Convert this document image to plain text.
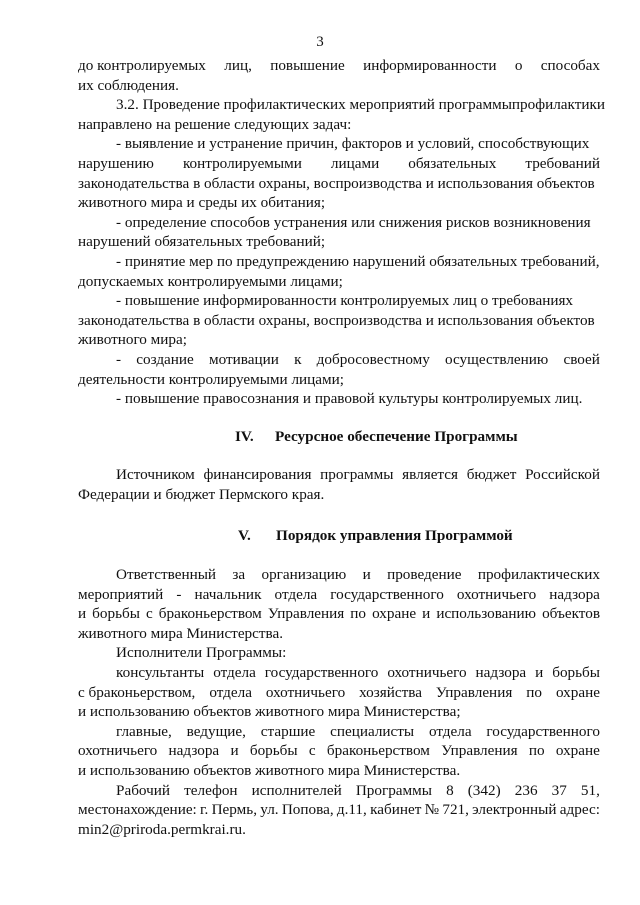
3
до контролируемых лиц, повышение информированности о способах
их соблюдения.
3.2. Проведение профилактических мероприятий программыпрофилактики
направлено на решение следующих задач:
- выявление и устранение причин, факторов и условий, способствующих
нарушению контролируемыми лицами обязательных требований
законодательства в области охраны, воспроизводства и использования объектов
животного мира и среды их обитания;
- определение способов устранения или снижения рисков возникновения
нарушений обязательных требований;
- принятие мер по предупреждению нарушений обязательных требований,
допускаемых контролируемыми лицами;
- повышение информированности контролируемых лиц о требованиях
законодательства в области охраны, воспроизводства и использования объектов
животного мира;
- создание мотивации к добросовестному осуществлению своей
деятельности контролируемыми лицами;
- повышение правосознания и правовой культуры контролируемых лиц.
IV. Ресурсное обеспечение Программы
Источником финансирования программы является бюджет Российской
Федерации и бюджет Пермского края.
V. Порядок управления Программой
Ответственный за организацию и проведение профилактических
мероприятий - начальник отдела государственного охотничьего надзора
и борьбы с браконьерством Управления по охране и использованию объектов
животного мира Министерства.
Исполнители Программы:
консультанты отдела государственного охотничьего надзора и борьбы
с браконьерством, отдела охотничьего хозяйства Управления по охране
и использованию объектов животного мира Министерства;
главные, ведущие, старшие специалисты отдела государственного
охотничьего надзора и борьбы с браконьерством Управления по охране
и использованию объектов животного мира Министерства.
Рабочий телефон исполнителей Программы 8 (342) 236 37 51,
местонахождение: г. Пермь, ул. Попова, д.11, кабинет № 721, электронный адрес:
min2@priroda.permkrai.ru.
